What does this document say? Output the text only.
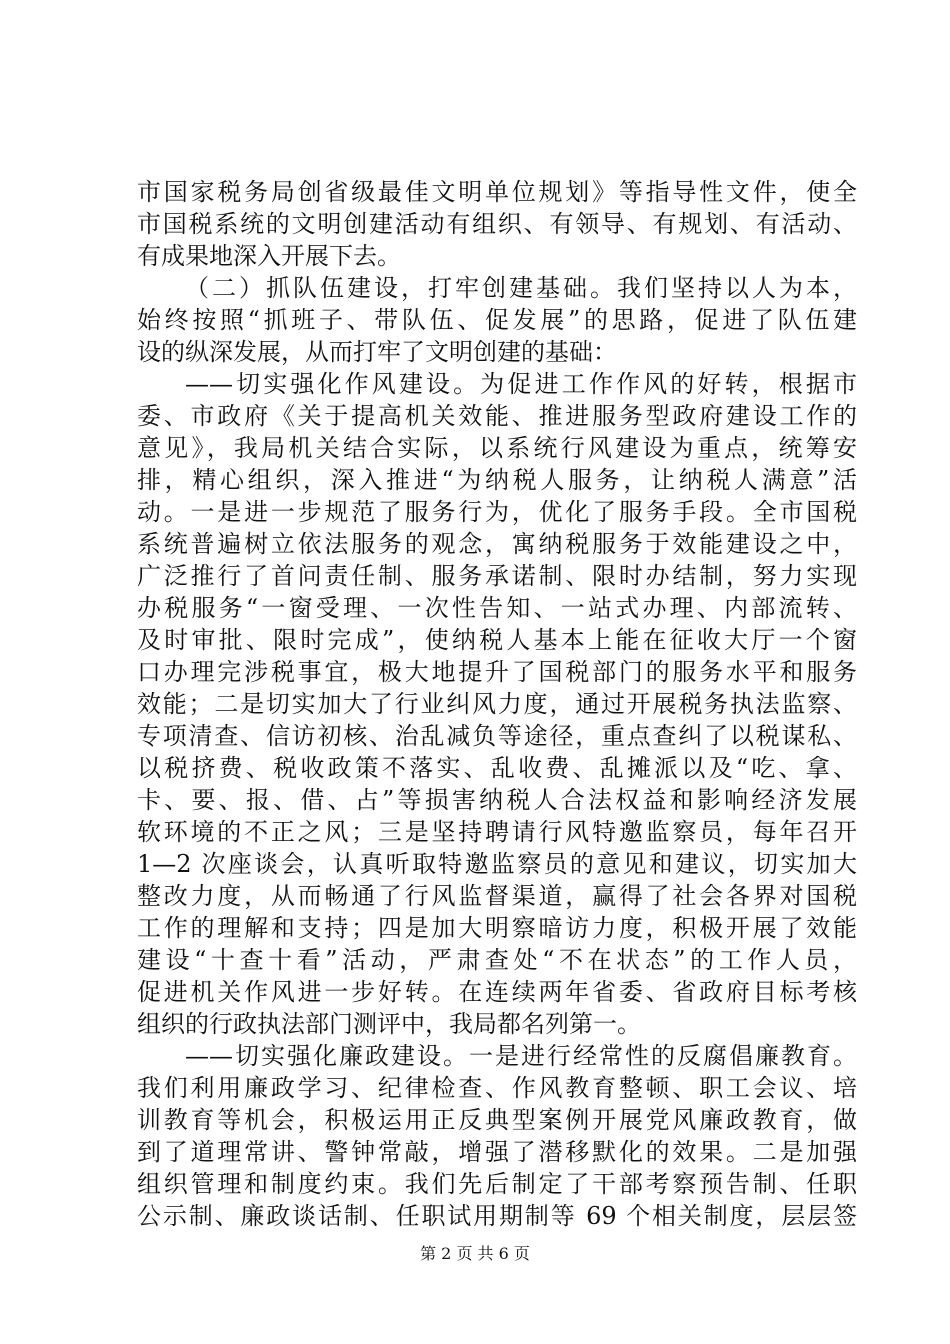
市国家税务局创省级最佳文明单位规划》等指导性文件，使全

市国税系统的文明创建活动有组织、有领导、有规划、有活动、

有成果地深入开展下去。

（二）抓队伍建设，打牢创建基础。我们坚持以人为本，

始终按照“抓班子、带队伍、促发展”的思路，促进了队伍建

设的纵深发展，从而打牢了文明创建的基础：

——切实强化作风建设。为促进工作作风的好转，根据市

委、市政府《关于提高机关效能、推进服务型政府建设工作的

意见》，我局机关结合实际，以系统行风建设为重点，统筹安

排，精心组织，深入推进“为纳税人服务，让纳税人满意”活

动。一是进一步规范了服务行为，优化了服务手段。全市国税

系统普遍树立依法服务的观念，寓纳税服务于效能建设之中，

广泛推行了首问责任制、服务承诺制、限时办结制，努力实现

办税服务“一窗受理、一次性告知、一站式办理、内部流转、

及时审批、限时完成”，使纳税人基本上能在征收大厅一个窗

口办理完涉税事宜，极大地提升了国税部门的服务水平和服务

效能；二是切实加大了行业纠风力度，通过开展税务执法监察、

专项清查、信访初核、治乱减负等途径，重点查纠了以税谋私、

以税挤费、税收政策不落实、乱收费、乱摊派以及“吃、拿、

卡、要、报、借、占”等损害纳税人合法权益和影响经济发展

软环境的不正之风；三是坚持聘请行风特邀监察员，每年召开

1—2 次座谈会，认真听取特邀监察员的意见和建议，切实加大

整改力度，从而畅通了行风监督渠道，赢得了社会各界对国税

工作的理解和支持；四是加大明察暗访力度，积极开展了效能

建设“十查十看”活动，严肃查处“不在状态”的工作人员，

促进机关作风进一步好转。在连续两年省委、省政府目标考核

组织的行政执法部门测评中，我局都名列第一。

——切实强化廉政建设。一是进行经常性的反腐倡廉教育。

我们利用廉政学习、纪律检查、作风教育整顿、职工会议、培

训教育等机会，积极运用正反典型案例开展党风廉政教育，做

到了道理常讲、警钟常敲，增强了潜移默化的效果。二是加强

组织管理和制度约束。我们先后制定了干部考察预告制、任职

公示制、廉政谈话制、任职试用期制等 69 个相关制度，层层签

第 2 页 共 6 页
